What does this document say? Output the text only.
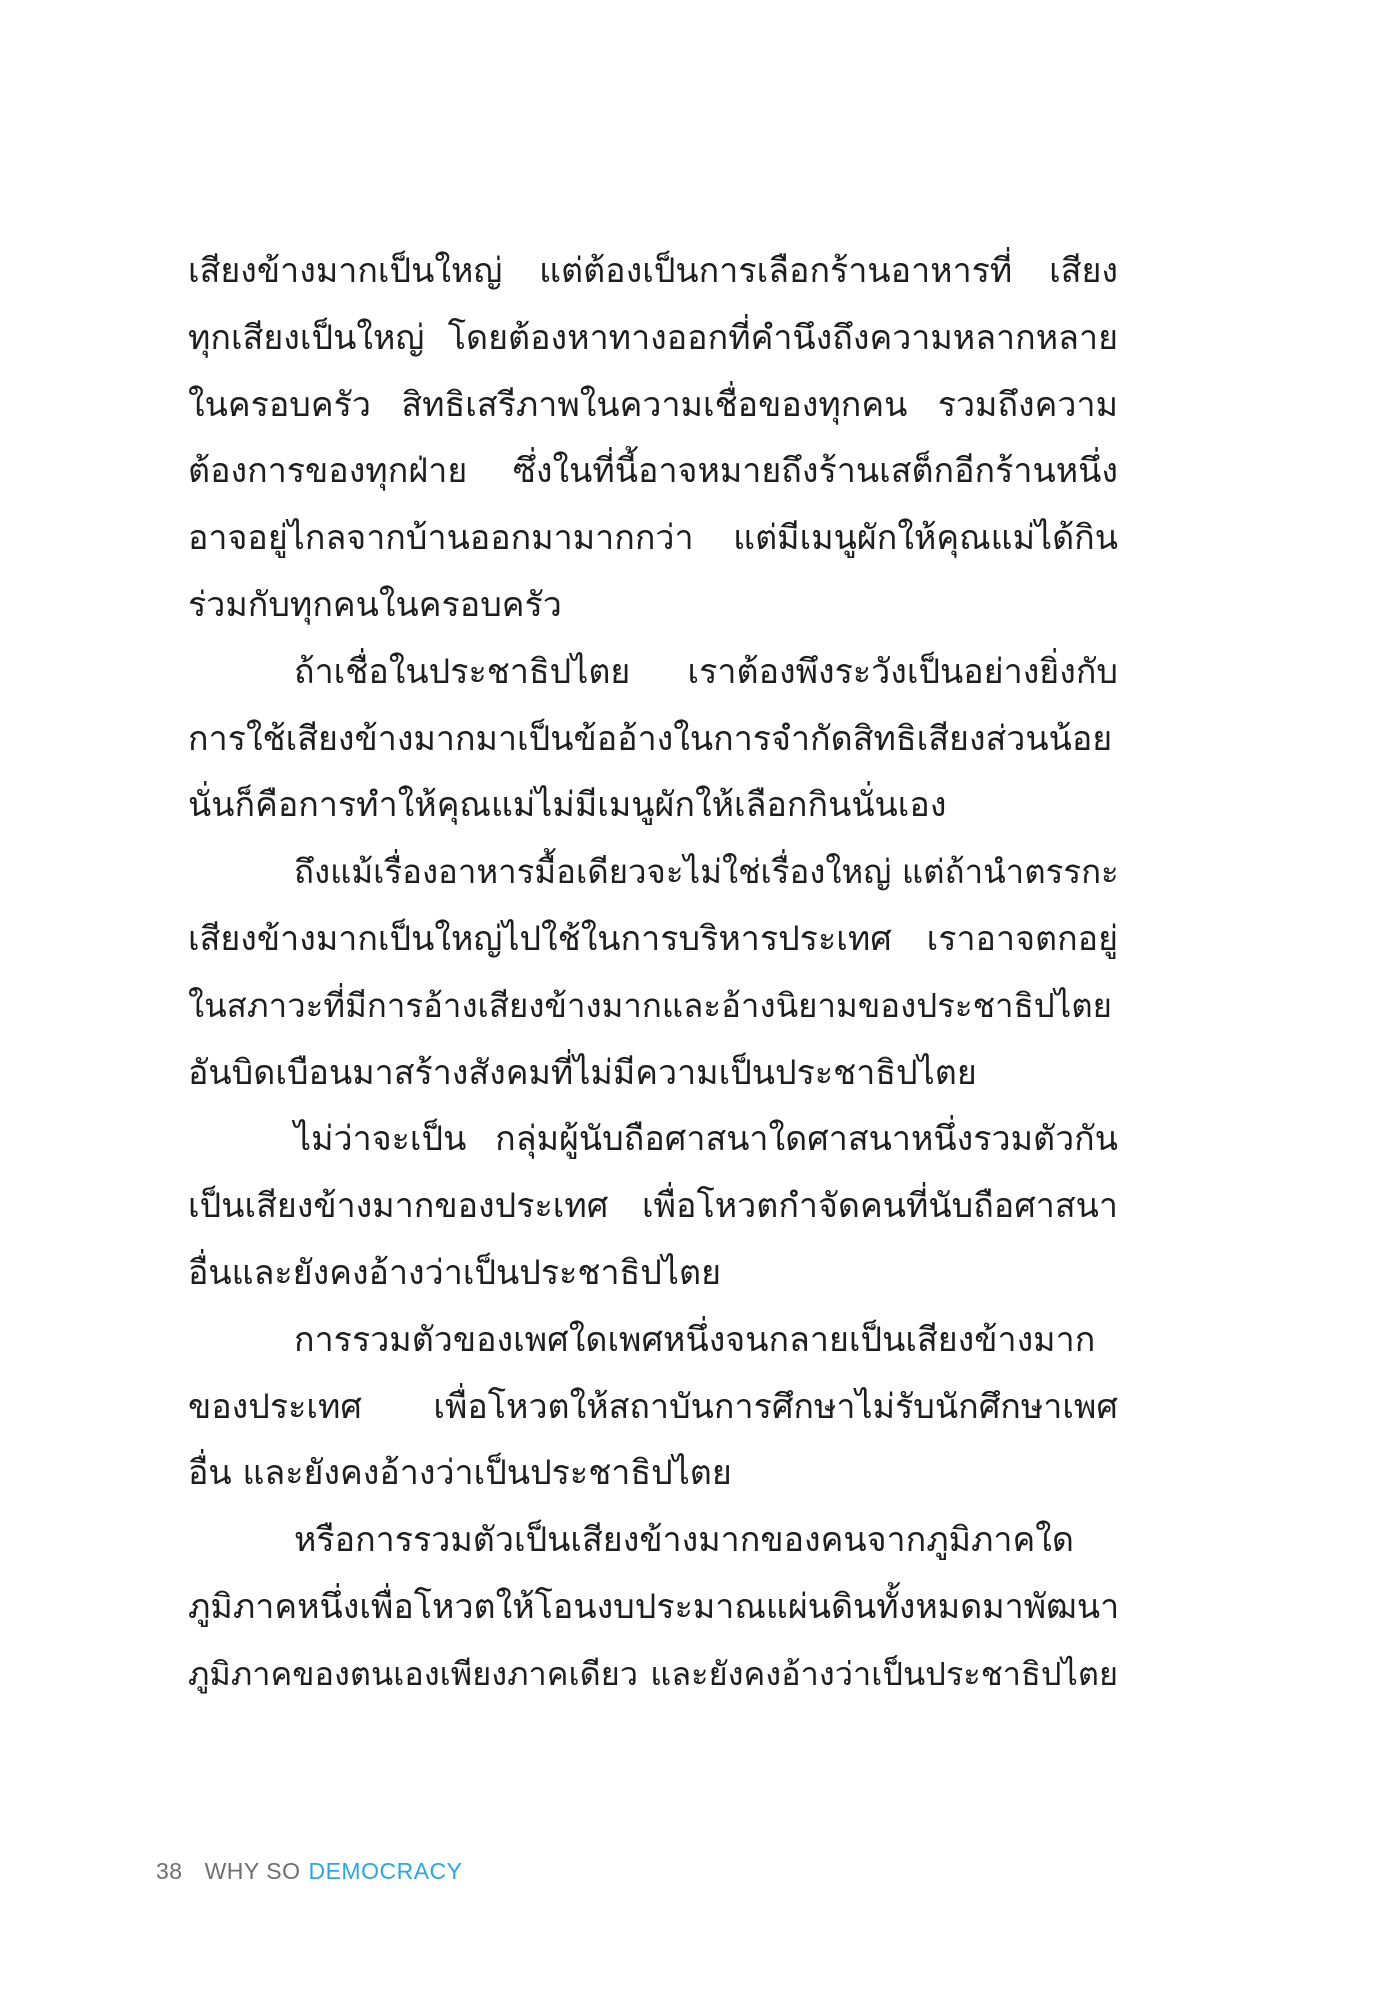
เสียงข้างมากเป็นใหญ่ แต่ต้องเป็นการเลือกร้านอาหารที่ เสียง
ทุกเสียงเป็นใหญ่ โดยต้องหาทางออกที่คำนึงถึงความหลากหลาย
ในครอบครัว สิทธิเสรีภาพในความเชื่อของทุกคน รวมถึงความ
ต้องการของทุกฝ่าย ซึ่งในที่นี้อาจหมายถึงร้านเสต็กอีกร้านหนึ่ง
อาจอยู่ไกลจากบ้านออกมามากกว่า แต่มีเมนูผักให้คุณแม่ได้กิน
ร่วมกับทุกคนในครอบครัว
ถ้าเชื่อในประชาธิปไตย เราต้องพึงระวังเป็นอย่างยิ่งกับ
การใช้เสียงข้างมากมาเป็นข้ออ้างในการจำกัดสิทธิเสียงส่วนน้อย
นั่นก็คือการทำให้คุณแม่ไม่มีเมนูผักให้เลือกกินนั่นเอง
ถึงแม้เรื่องอาหารมื้อเดียวจะไม่ใช่เรื่องใหญ่ แต่ถ้านำตรรกะ
เสียงข้างมากเป็นใหญ่ไปใช้ในการบริหารประเทศ เราอาจตกอยู่
ในสภาวะที่มีการอ้างเสียงข้างมากและอ้างนิยามของประชาธิปไตย
อันบิดเบือนมาสร้างสังคมที่ไม่มีความเป็นประชาธิปไตย
ไม่ว่าจะเป็น กลุ่มผู้นับถือศาสนาใดศาสนาหนึ่งรวมตัวกัน
เป็นเสียงข้างมากของประเทศ เพื่อโหวตกำจัดคนที่นับถือศาสนา
อื่นและยังคงอ้างว่าเป็นประชาธิปไตย
การรวมตัวของเพศใดเพศหนึ่งจนกลายเป็นเสียงข้างมาก
ของประเทศ เพื่อโหวตให้สถาบันการศึกษาไม่รับนักศึกษาเพศ
อื่น และยังคงอ้างว่าเป็นประชาธิปไตย
หรือการรวมตัวเป็นเสียงข้างมากของคนจากภูมิภาคใด
ภูมิภาคหนึ่งเพื่อโหวตให้โอนงบประมาณแผ่นดินทั้งหมดมาพัฒนา
ภูมิภาคของตนเองเพียงภาคเดียว และยังคงอ้างว่าเป็นประชาธิปไตย
38 WHY SO DEMOCRACY
